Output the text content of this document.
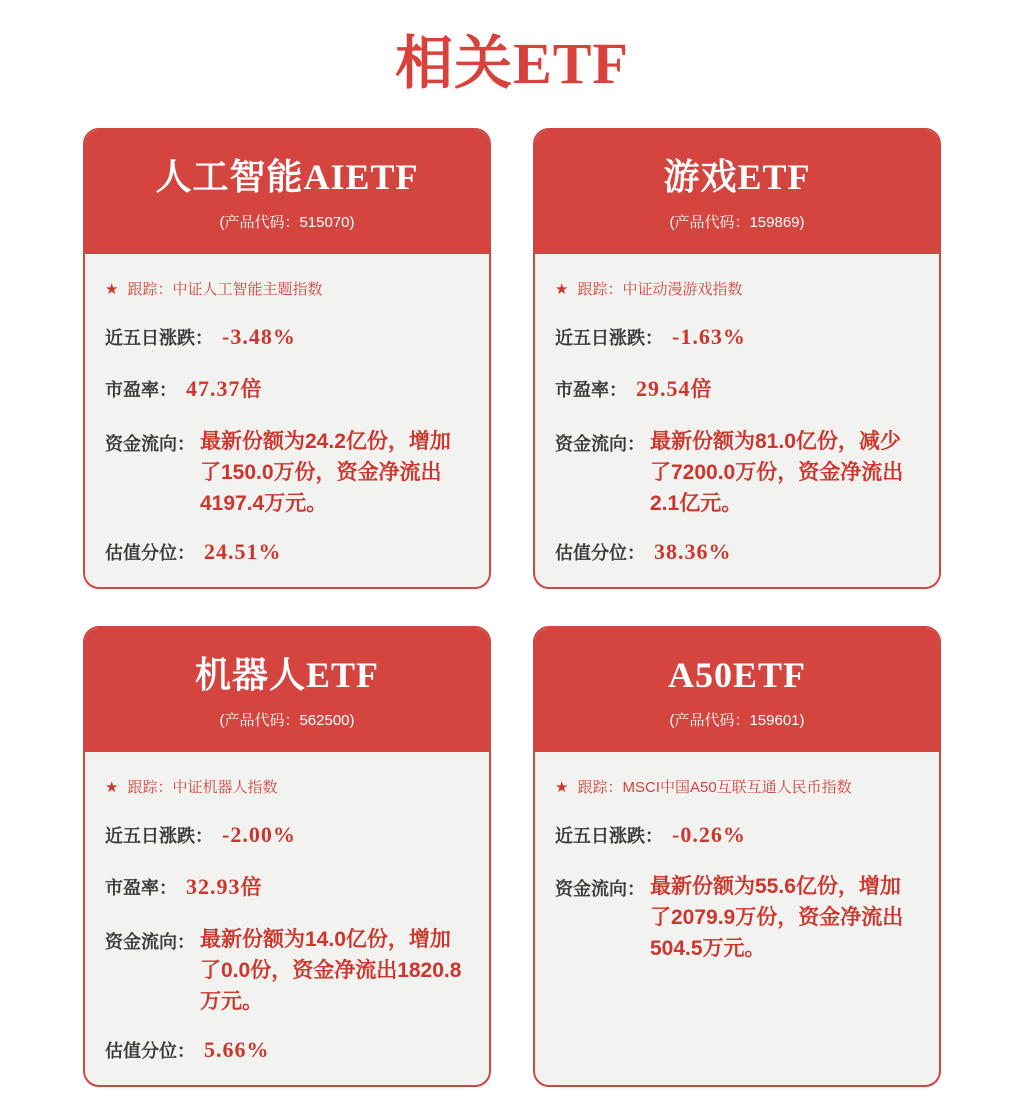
相关ETF
人工智能AIETF
(产品代码：515070)
★ 跟踪： 中证人工智能主题指数
近五日涨跌： -3.48%
市盈率： 47.37 倍
资金流向： 最新份额为24.2亿份，增加了150.0万份，资金净流出4197.4万元。
估值分位： 24.51%
游戏ETF
(产品代码：159869)
★ 跟踪： 中证动漫游戏指数
近五日涨跌： -1.63%
市盈率： 29.54 倍
资金流向： 最新份额为81.0亿份，减少了7200.0万份，资金净流出2.1亿元。
估值分位： 38.36%
机器人ETF
(产品代码：562500)
★ 跟踪： 中证机器人指数
近五日涨跌： -2.00%
市盈率： 32.93 倍
资金流向： 最新份额为14.0亿份，增加了0.0份，资金净流出1820.8万元。
估值分位： 5.66%
A50ETF
(产品代码：159601)
★ 跟踪： MSCI中国A50互联互通人民币指数
近五日涨跌： -0.26%
资金流向： 最新份额为55.6亿份，增加了2079.9万份，资金净流出504.5万元。
